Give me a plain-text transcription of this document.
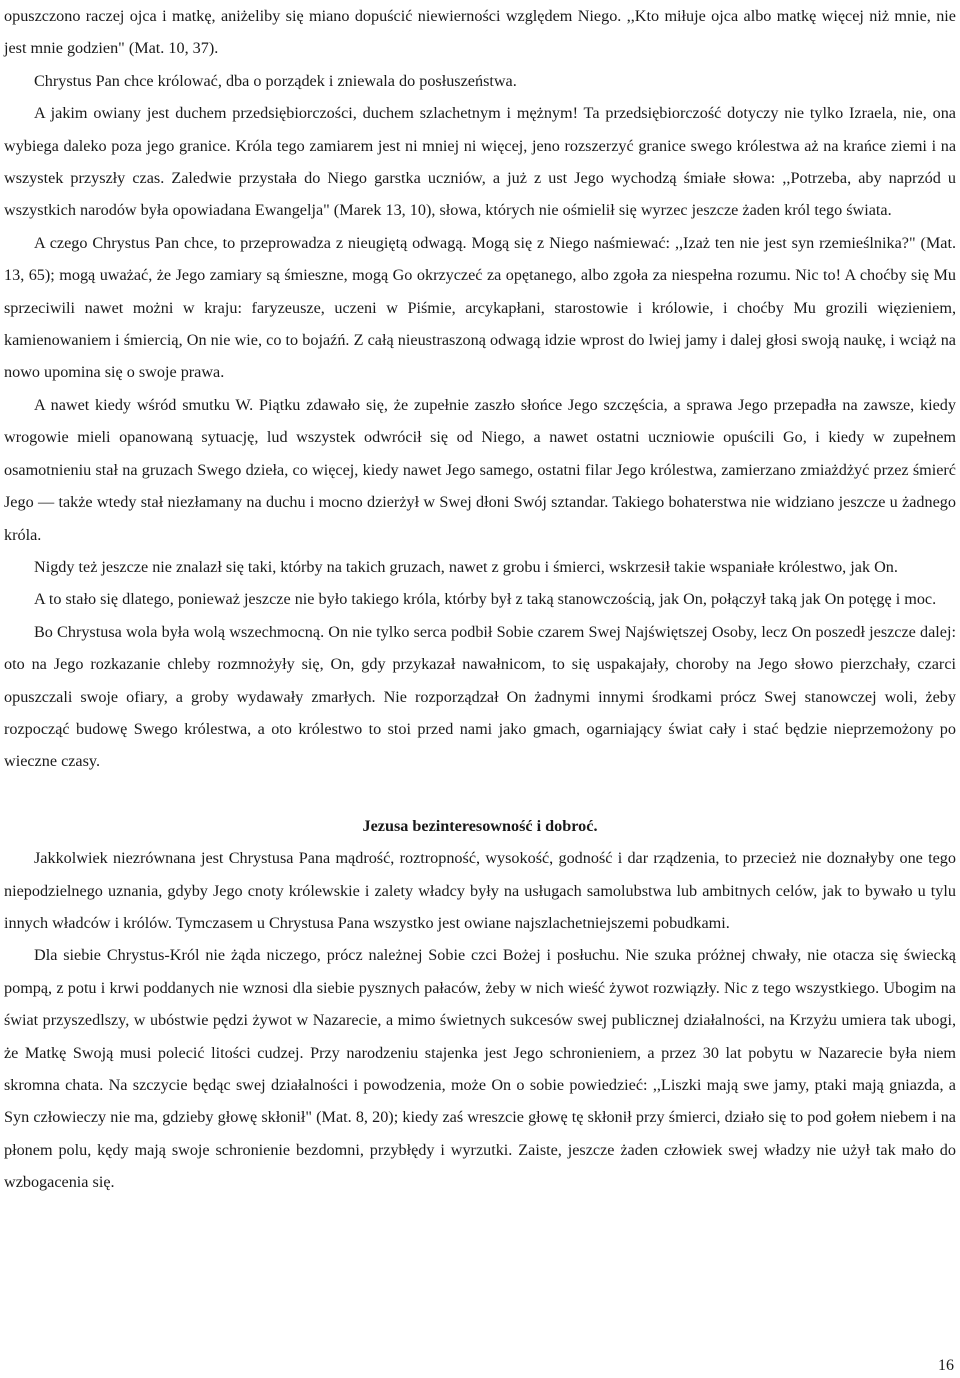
opuszczono raczej ojca i matkę, aniżeliby się miano dopuścić niewierności względem Niego. ,,Kto miłuje ojca albo matkę więcej niż mnie, nie jest mnie godzien" (Mat. 10, 37).

Chrystus Pan chce królować, dba o porządek i zniewala do posłuszeństwa.

A jakim owiany jest duchem przedsiębiorczości, duchem szlachetnym i mężnym! Ta przedsiębiorczość dotyczy nie tylko Izraela, nie, ona wybiega daleko poza jego granice. Króla tego zamiarem jest ni mniej ni więcej, jeno rozszerzyć granice swego królestwa aż na krańce ziemi i na wszystek przyszły czas. Zaledwie przystała do Niego garstka uczniów, a już z ust Jego wychodzą śmiałe słowa: ,,Potrzeba, aby naprzód u wszystkich narodów była opowiadana Ewangelja" (Marek 13, 10), słowa, których nie ośmielił się wyrzec jeszcze żaden król tego świata.

A czego Chrystus Pan chce, to przeprowadza z nieugiętą odwagą. Mogą się z Niego naśmiewać: ,,Izaż ten nie jest syn rzemieślnika?" (Mat. 13, 65); mogą uważać, że Jego zamiary są śmieszne, mogą Go okrzyczeć za opętanego, albo zgoła za niespełna rozumu. Nic to! A choćby się Mu sprzeciwili nawet możni w kraju: faryzeusze, uczeni w Piśmie, arcykapłani, starostowie i królowie, i choćby Mu grozili więzieniem, kamienowaniem i śmiercią, On nie wie, co to bojaźń. Z całą nieustraszoną odwagą idzie wprost do lwiej jamy i dalej głosi swoją naukę, i wciąż na nowo upomina się o swoje prawa.

A nawet kiedy wśród smutku W. Piątku zdawało się, że zupełnie zaszło słońce Jego szczęścia, a sprawa Jego przepadła na zawsze, kiedy wrogowie mieli opanowaną sytuację, lud wszystek odwrócił się od Niego, a nawet ostatni uczniowie opuścili Go, i kiedy w zupełnem osamotnieniu stał na gruzach Swego dzieła, co więcej, kiedy nawet Jego samego, ostatni filar Jego królestwa, zamierzano zmiażdżyć przez śmierć Jego — także wtedy stał niezłamany na duchu i mocno dzierżył w Swej dłoni Swój sztandar. Takiego bohaterstwa nie widziano jeszcze u żadnego króla.

Nigdy też jeszcze nie znalazł się taki, którby na takich gruzach, nawet z grobu i śmierci, wskrzesił takie wspaniałe królestwo, jak On.

A to stało się dlatego, ponieważ jeszcze nie było takiego króla, którby był z taką stanowczością, jak On, połączył taką jak On potęgę i moc.

Bo Chrystusa wola była wolą wszechmocną. On nie tylko serca podbił Sobie czarem Swej Najświętszej Osoby, lecz On poszedł jeszcze dalej: oto na Jego rozkazanie chleby rozmnożyły się, On, gdy przykazał nawałnicom, to się uspakajały, choroby na Jego słowo pierzchały, czarci opuszczali swoje ofiary, a groby wydawały zmarłych. Nie rozporządzał On żadnymi innymi środkami prócz Swej stanowczej woli, żeby rozpocząć budowę Swego królestwa, a oto królestwo to stoi przed nami jako gmach, ogarniający świat cały i stać będzie nieprzemożony po wieczne czasy.

Jezusa bezinteresowność i dobroć.

Jakkolwiek niezrównana jest Chrystusa Pana mądrość, roztropność, wysokość, godność i dar rządzenia, to przecież nie doznałyby one tego niepodzielnego uznania, gdyby Jego cnoty królewskie i zalety władcy były na usługach samolubstwa lub ambitnych celów, jak to bywało u tylu innych władców i królów. Tymczasem u Chrystusa Pana wszystko jest owiane najszlachetniejszemi pobudkami.

Dla siebie Chrystus-Król nie żąda niczego, prócz należnej Sobie czci Bożej i posłuchu. Nie szuka próżnej chwały, nie otacza się świecką pompą, z potu i krwi poddanych nie wznosi dla siebie pysznych pałaców, żeby w nich wieść żywot rozwiązły. Nic z tego wszystkiego. Ubogim na świat przyszedlszy, w ubóstwie pędzi żywot w Nazarecie, a mimo świetnych sukcesów swej publicznej działalności, na Krzyżu umiera tak ubogi, że Matkę Swoją musi polecić litości cudzej. Przy narodzeniu stajenka jest Jego schronieniem, a przez 30 lat pobytu w Nazarecie była niem skromna chata. Na szczycie będąc swej działalności i powodzenia, może On o sobie powiedzieć: ,,Liszki mają swe jamy, ptaki mają gniazda, a Syn człowieczy nie ma, gdzieby głowę skłonił" (Mat. 8, 20); kiedy zaś wreszcie głowę tę skłonił przy śmierci, działo się to pod gołem niebem i na płonem polu, kędy mają swoje schronienie bezdomni, przybłędy i wyrzutki. Zaiste, jeszcze żaden człowiek swej władzy nie użył tak mało do wzbogacenia się.

16
